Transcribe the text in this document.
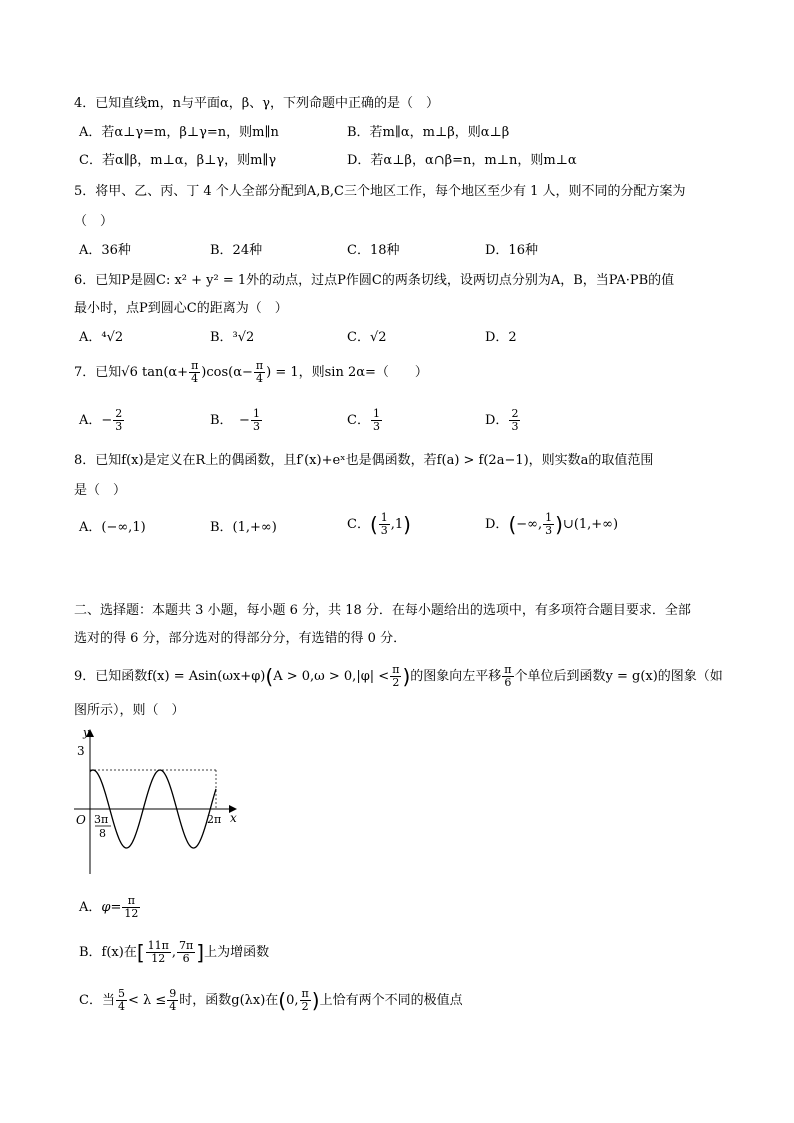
4．已知直线m，n与平面α，β、γ，下列命题中正确的是（　）
A．若α⊥γ=m，β⊥γ=n，则m∥n	B．若m∥α，m⊥β，则α⊥β
C．若α∥β，m⊥α，β⊥γ，则m∥γ	D．若α⊥β，α∩β=n，m⊥n，则m⊥α
5．将甲、乙、丙、丁 4 个人全部分配到A,B,C三个地区工作，每个地区至少有 1 人，则不同的分配方案为
（　）
A．36种	B．24种	C．18种	D．16种
6．已知P是圆C: x² + y² = 1外的动点，过点P作圆C的两条切线，设两切点分别为A，B，当PA·PB的值
最小时，点P到圆心C的距离为（　）
A．⁴√2	B．³√2	C．√2	D．2
7．已知√6 $\tan(\alpha+ \frac{\pi}{4} )\cos(\alpha- \frac{\pi}{4}$ ) = 1，则sin 2α=（　　）
A．− $\frac{2}{3}$	B．　− $\frac{1}{3}$	C． $\frac{1}{3}$	D． $\frac{2}{3}$
8．已知f(x)是定义在R上的偶函数，且f′(x)+eˣ也是偶函数，若f(a) > f(2a−1)，则实数a的取值范围
是（　）
A．(−∞,1)	B．(1,+∞)	C．( $\frac{1}{3} ,1$)	D．(−∞, $\frac{1}{3}$ )∪(1,+∞)
二、选择题：本题共 3 小题，每小题 6 分，共 18 分．在每小题给出的选项中，有多项符合题目要求．全部
选对的得 6 分，部分选对的得部分分，有选错的得 0 分．
9．已知函数$f(x) = Asin(\omega x+\varphi)(A > 0,\omega > 0,|\varphi| < \frac{\pi}{2}$ )的图象向左平移 $\frac{\pi}{6}$ 个单位后到函数y = g(x)的图象（如
图所示），则（　）
y
x
O
3
3π
8
2π
A．$\varphi= \frac{\pi}{12}$
B．f(x)在[ $\frac{11\pi}{12}$ , $\frac{7\pi}{6}$ ]上为增函数
C．当 $\frac{5}{4} < \lambda \le \frac{9}{4}$ 时，函数g(λx)在(0, $\frac{\pi}{2}$ )上恰有两个不同的极值点
